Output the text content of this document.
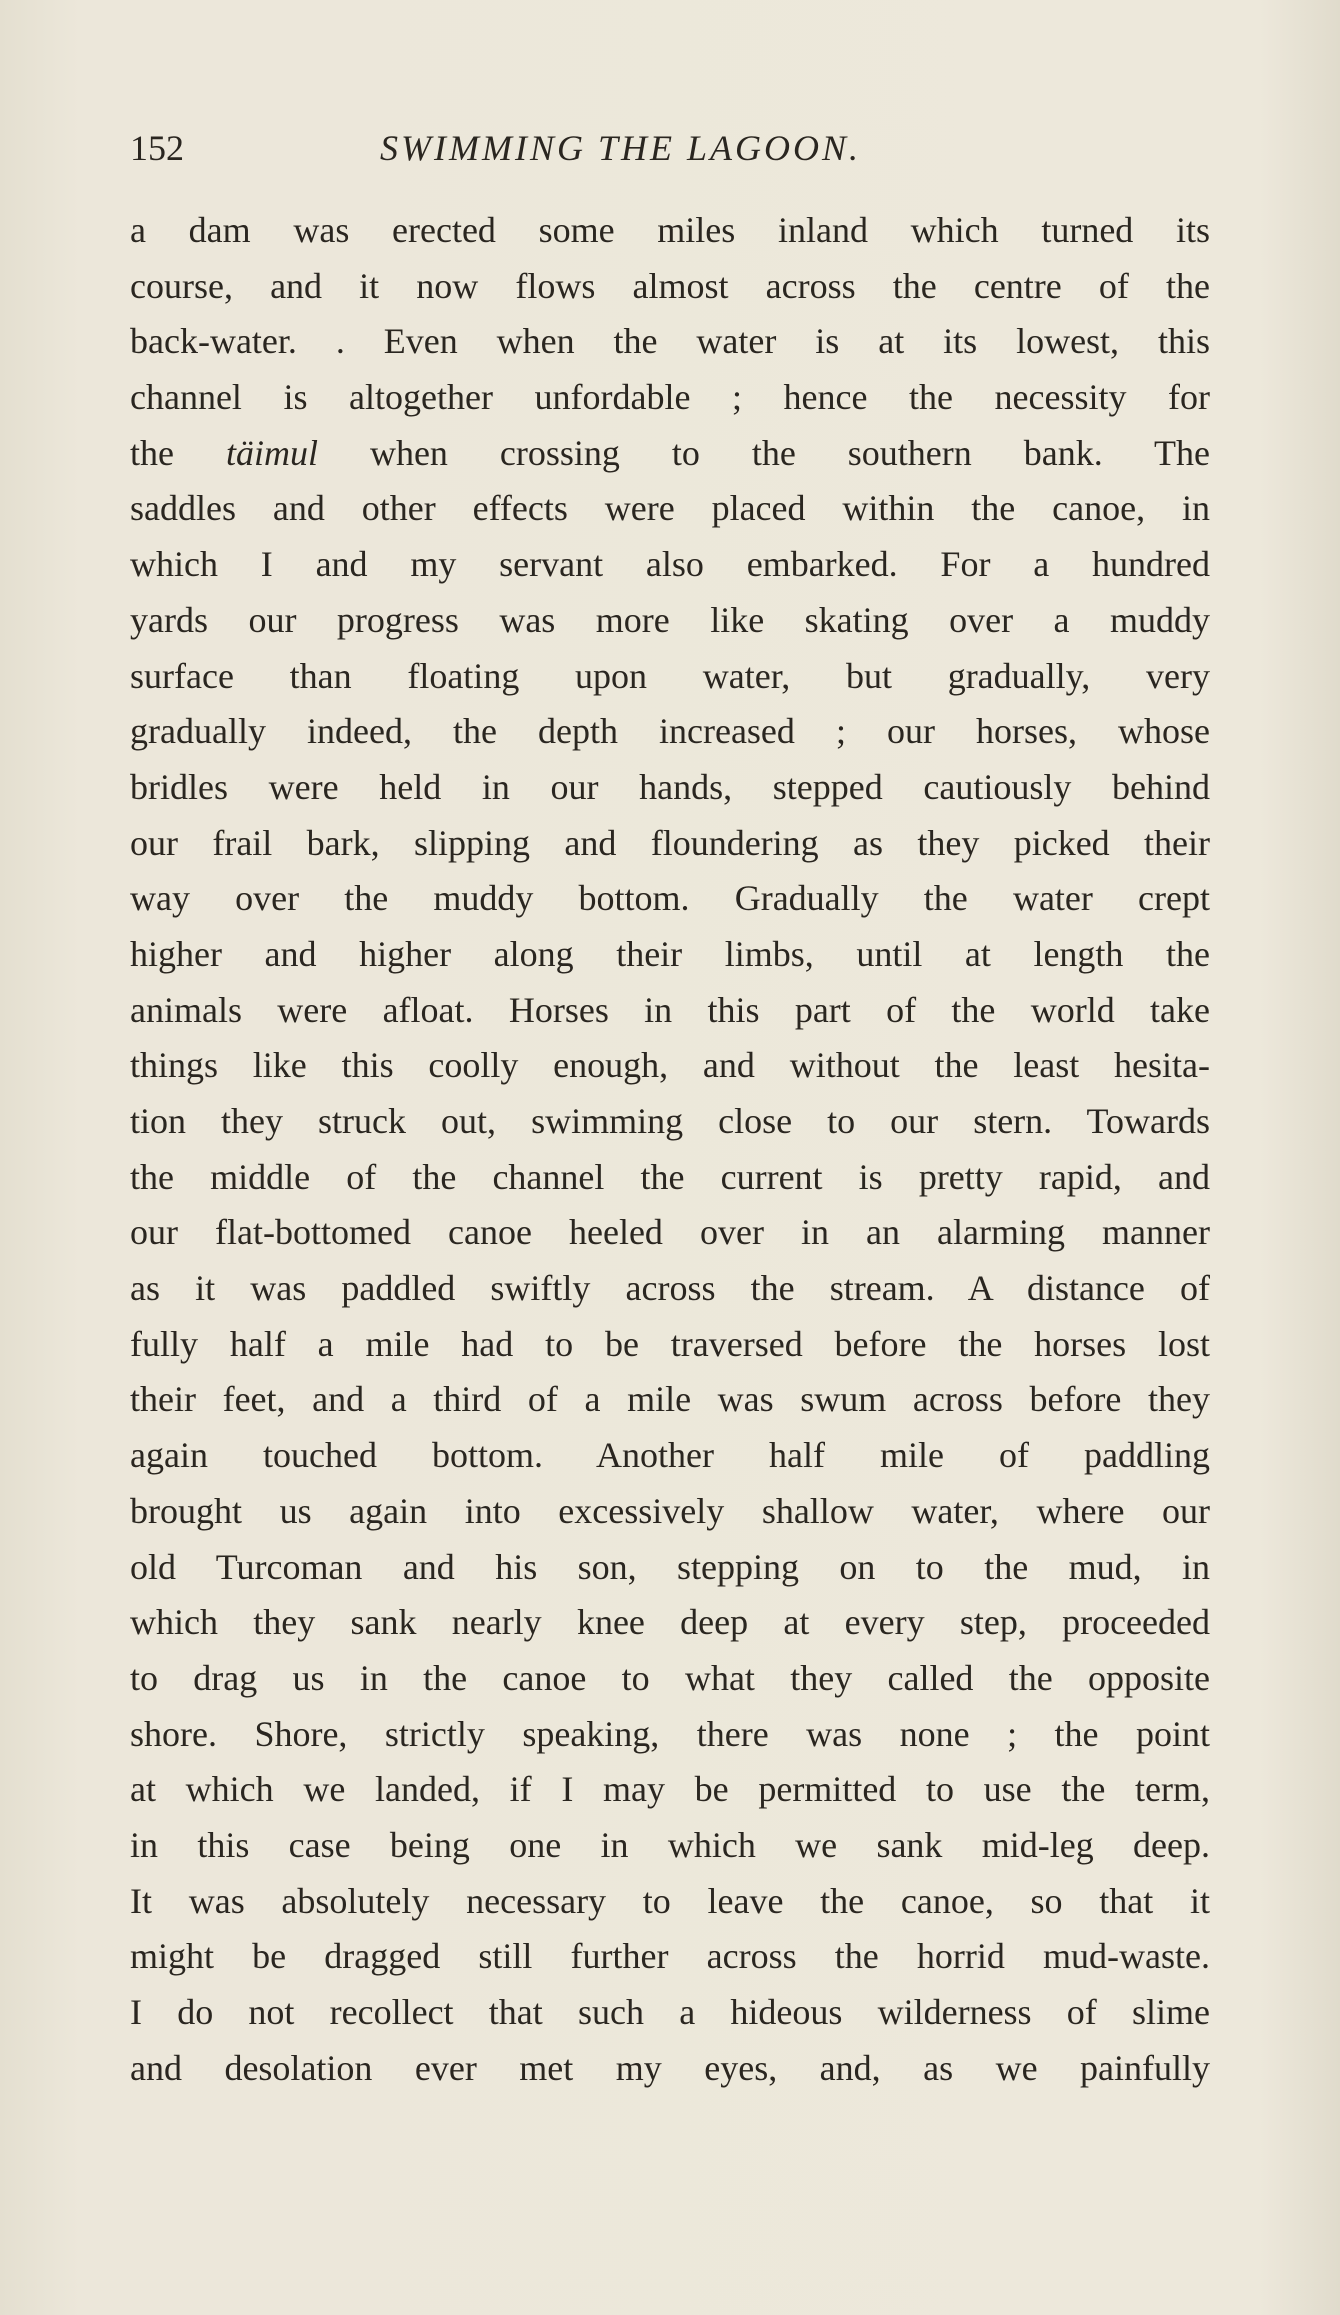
152	SWIMMING THE LAGOON.
a dam was erected some miles inland which turned its
course, and it now flows almost across the centre of the
back-water. . Even when the water is at its lowest, this
channel is altogether unfordable ; hence the necessity for
the täimul when crossing to the southern bank. The
saddles and other effects were placed within the canoe, in
which I and my servant also embarked. For a hundred
yards our progress was more like skating over a muddy
surface than floating upon water, but gradually, very
gradually indeed, the depth increased ; our horses, whose
bridles were held in our hands, stepped cautiously behind
our frail bark, slipping and floundering as they picked their
way over the muddy bottom. Gradually the water crept
higher and higher along their limbs, until at length the
animals were afloat. Horses in this part of the world take
things like this coolly enough, and without the least hesita-
tion they struck out, swimming close to our stern. Towards
the middle of the channel the current is pretty rapid, and
our flat-bottomed canoe heeled over in an alarming manner
as it was paddled swiftly across the stream. A distance of
fully half a mile had to be traversed before the horses lost
their feet, and a third of a mile was swum across before they
again touched bottom. Another half mile of paddling
brought us again into excessively shallow water, where our
old Turcoman and his son, stepping on to the mud, in
which they sank nearly knee deep at every step, proceeded
to drag us in the canoe to what they called the opposite
shore. Shore, strictly speaking, there was none ; the point
at which we landed, if I may be permitted to use the term,
in this case being one in which we sank mid-leg deep.
It was absolutely necessary to leave the canoe, so that it
might be dragged still further across the horrid mud-waste.
I do not recollect that such a hideous wilderness of slime
and desolation ever met my eyes, and, as we painfully
